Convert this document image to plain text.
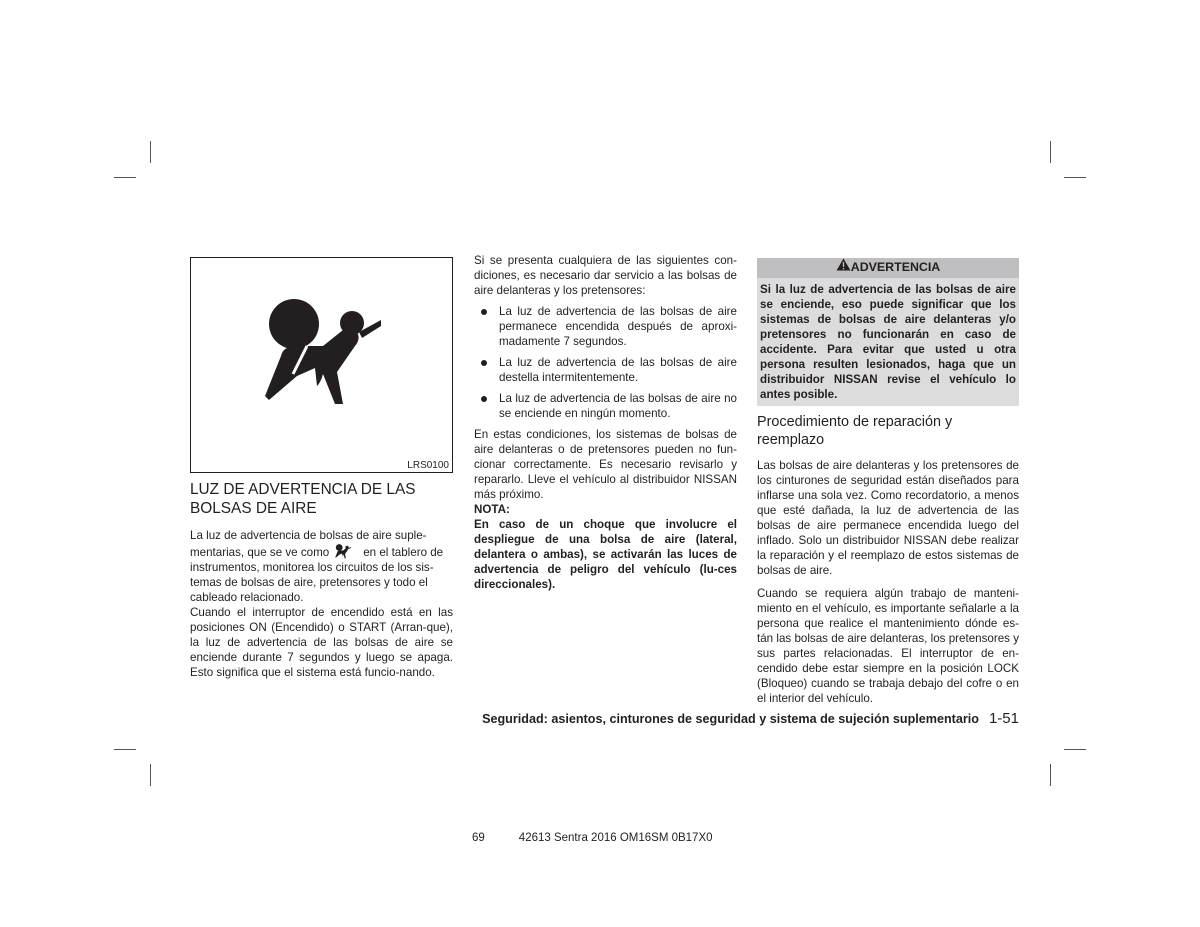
LRS0100
LUZ DE ADVERTENCIA DE LAS
BOLSAS DE AIRE

La luz de advertencia de bolsas de aire suple-
mentarias, que se ve como	en el tablero de instrumentos, monitorea los circuitos de los sis-temas de bolsas de aire, pretensores y todo el cableado relacionado.

Cuando el interruptor de encendido está en las posiciones ON (Encendido) o START (Arran-que), la luz de advertencia de las bolsas de aire se enciende durante 7 segundos y luego se apaga. Esto significa que el sistema está funcio-nando.

Si se presenta cualquiera de las siguientes con-diciones, es necesario dar servicio a las bolsas de aire delanteras y los pretensores:

La luz de advertencia de las bolsas de aire permanece encendida después de aproxi-madamente 7 segundos.
La luz de advertencia de las bolsas de aire destella intermitentemente.
La luz de advertencia de las bolsas de aire no se enciende en ningún momento.

En estas condiciones, los sistemas de bolsas de aire delanteras o de pretensores pueden no fun-cionar correctamente. Es necesario revisarlo y repararlo. Lleve el vehículo al distribuidor NISSAN más próximo.

NOTA:

En caso de un choque que involucre el despliegue de una bolsa de aire (lateral, delantera o ambas), se activarán las luces de advertencia de peligro del vehículo (lu-ces direccionales).

ADVERTENCIA
Si la luz de advertencia de las bolsas de aire se enciende, eso puede significar que los sistemas de bolsas de aire delanteras y/o pretensores no funcionarán en caso de accidente. Para evitar que usted u otra persona resulten lesionados, haga que un distribuidor NISSAN revise el vehículo lo antes posible.
Procedimiento de reparación y
reemplazo

Las bolsas de aire delanteras y los pretensores de los cinturones de seguridad están diseñados para inflarse una sola vez. Como recordatorio, a menos que esté dañada, la luz de advertencia de las bolsas de aire permanece encendida luego del inflado. Solo un distribuidor NISSAN debe realizar la reparación y el reemplazo de estos sistemas de bolsas de aire.

Cuando se requiera algún trabajo de manteni-miento en el vehículo, es importante señalarle a la persona que realice el mantenimiento dónde es-tán las bolsas de aire delanteras, los pretensores y sus partes relacionadas. El interruptor de en-cendido debe estar siempre en la posición LOCK (Bloqueo) cuando se trabaja debajo del cofre o en el interior del vehículo.

Seguridad: asientos, cinturones de seguridad y sistema de sujeción suplementario 1-51
69	42613 Sentra 2016 OM16SM 0B17X0
